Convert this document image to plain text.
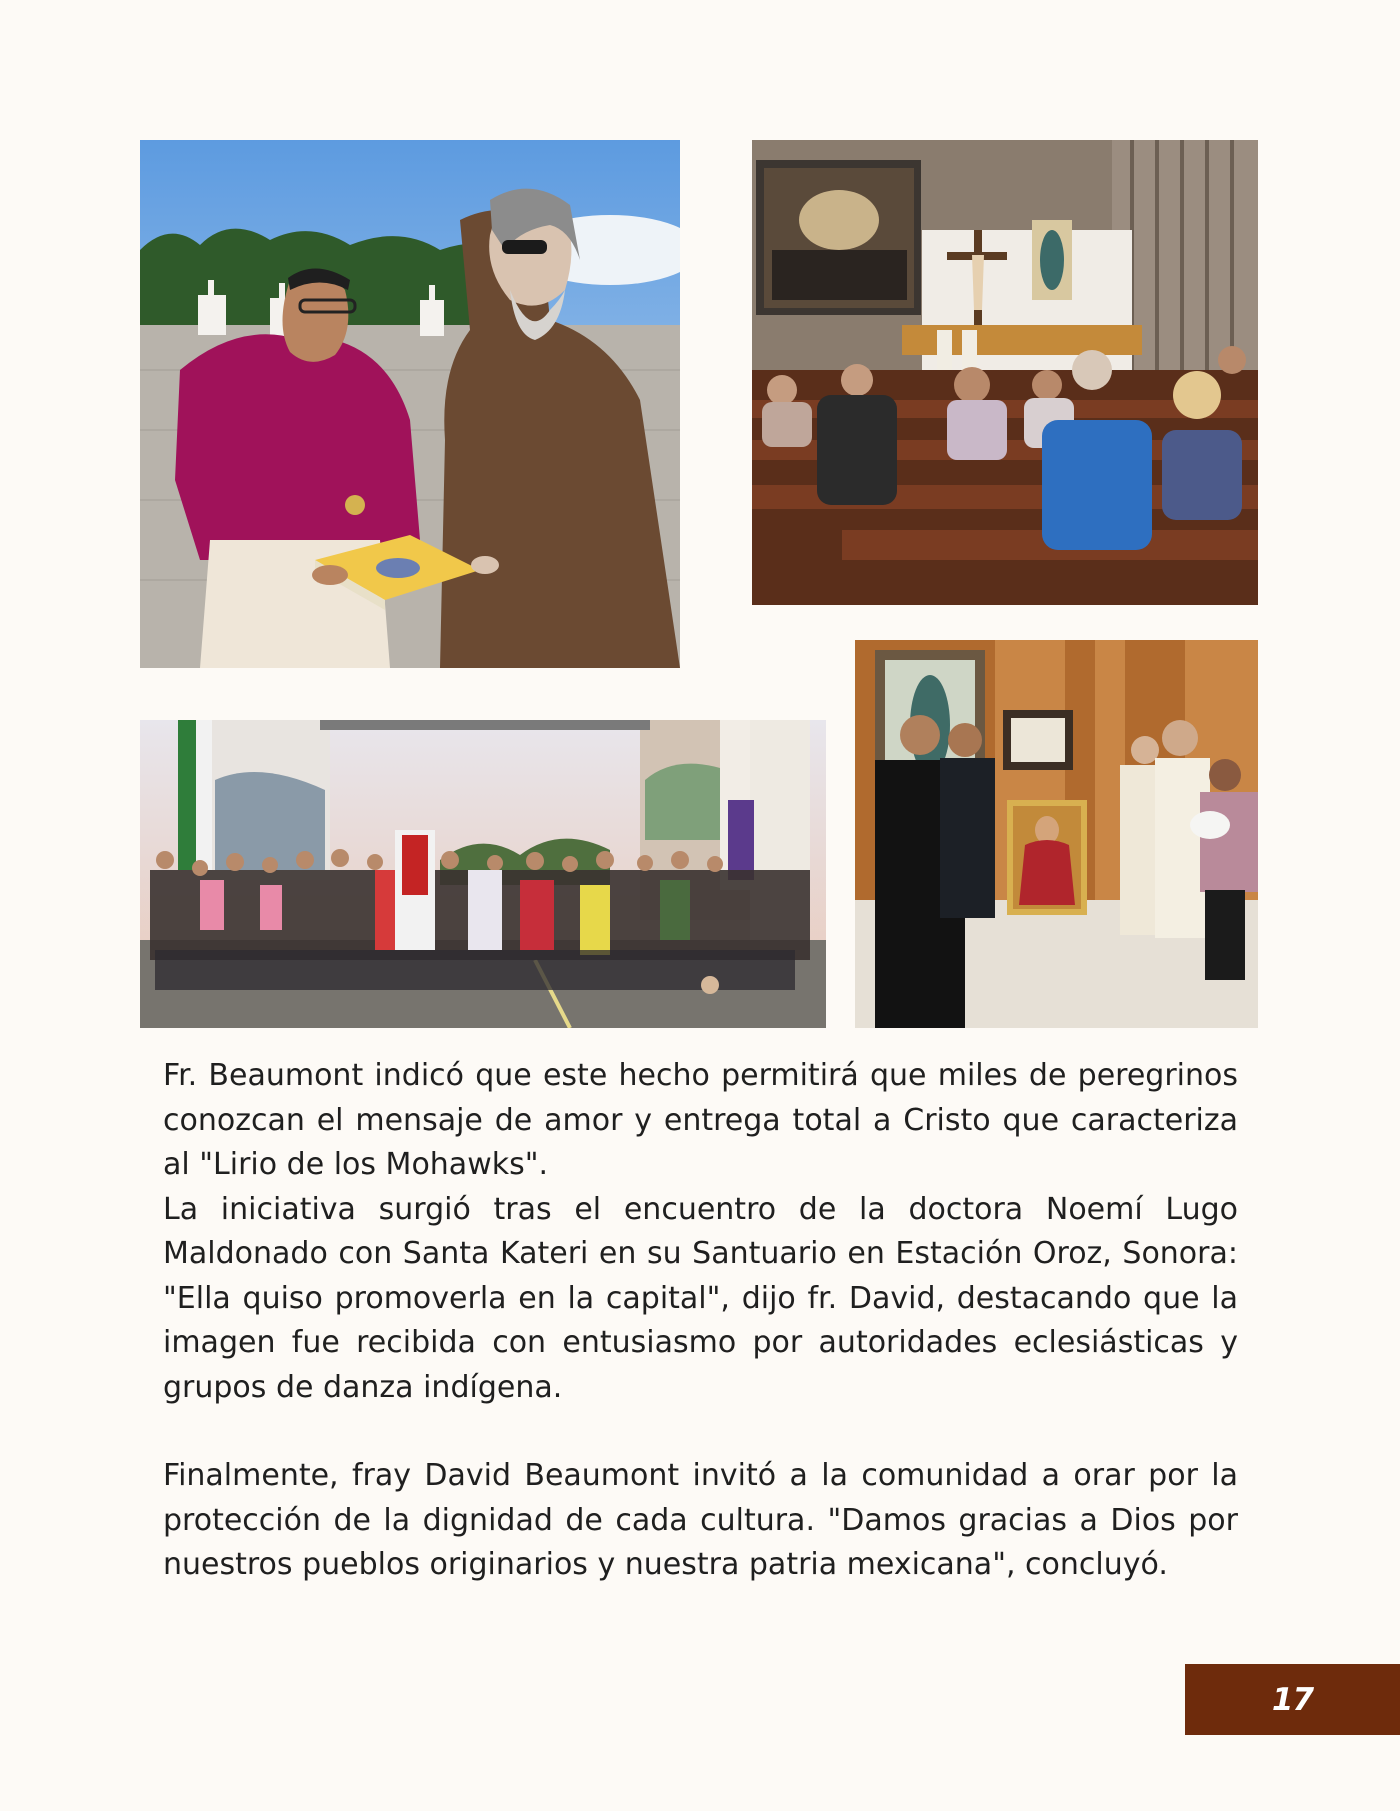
Fr. Beaumont indicó que este hecho permitirá que miles de peregrinos conozcan el mensaje de amor y entrega total a Cristo que caracteriza al "Lirio de los Mohawks".

La iniciativa surgió tras el encuentro de la doctora Noemí Lugo Maldonado con Santa Kateri en su Santuario en Estación Oroz, Sonora: "Ella quiso promoverla en la capital", dijo fr. David, destacando que la imagen fue recibida con entusiasmo por autoridades eclesiásticas y grupos de danza indígena.

Finalmente, fray David Beaumont invitó a la comunidad a orar por la protección de la dignidad de cada cultura. "Damos gracias a Dios por nuestros pueblos originarios y nuestra patria mexicana", concluyó.

17
